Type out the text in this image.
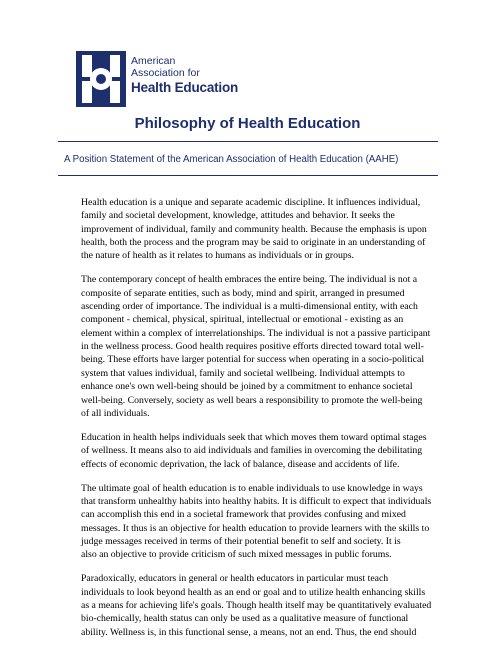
American
Association for
Health Education
Philosophy of Health Education
A Position Statement of the American Association of Health Education (AAHE)

Health education is a unique and separate academic discipline. It influences individual,
family and societal development, knowledge, attitudes and behavior. It seeks the
improvement of individual, family and community health. Because the emphasis is upon
health, both the process and the program may be said to originate in an understanding of
the nature of health as it relates to humans as individuals or in groups.

The contemporary concept of health embraces the entire being. The individual is not a
composite of separate entities, such as body, mind and spirit, arranged in presumed
ascending order of importance. The individual is a multi-dimensional entity, with each
component - chemical, physical, spiritual, intellectual or emotional - existing as an
element within a complex of interrelationships. The individual is not a passive participant
in the wellness process. Good health requires positive efforts directed toward total well-
being. These efforts have larger potential for success when operating in a socio-political
system that values individual, family and societal wellbeing. Individual attempts to
enhance one's own well-being should be joined by a commitment to enhance societal
well-being. Conversely, society as well bears a responsibility to promote the well-being
of all individuals.

Education in health helps individuals seek that which moves them toward optimal stages
of wellness. It means also to aid individuals and families in overcoming the debilitating
effects of economic deprivation, the lack of balance, disease and accidents of life.

The ultimate goal of health education is to enable individuals to use knowledge in ways
that transform unhealthy habits into healthy habits. It is difficult to expect that individuals
can accomplish this end in a societal framework that provides confusing and mixed
messages. It thus is an objective for health education to provide learners with the skills to
judge messages received in terms of their potential benefit to self and society. It is
also an objective to provide criticism of such mixed messages in public forums.

Paradoxically, educators in general or health educators in particular must teach
individuals to look beyond health as an end or goal and to utilize health enhancing skills
as a means for achieving life's goals. Though health itself may be quantitatively evaluated
bio-chemically, health status can only be used as a qualitative measure of functional
ability. Wellness is, in this functional sense, a means, not an end. Thus, the end should
